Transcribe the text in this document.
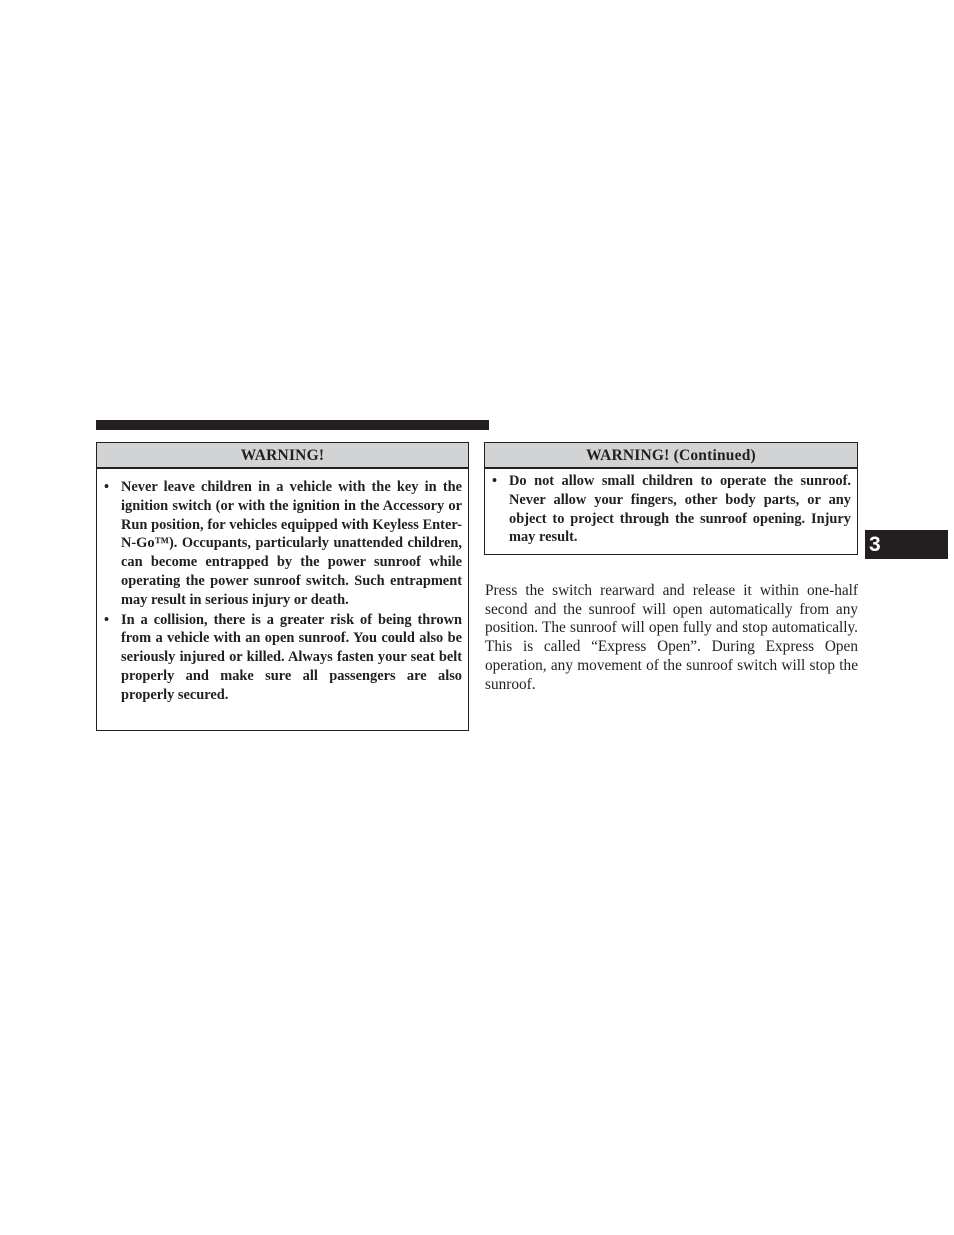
WARNING!
• Never leave children in a vehicle with the key in the ignition switch (or with the ignition in the Accessory or Run position, for vehicles equipped with Keyless Enter-N-Go™). Occupants, particularly unattended children, can become entrapped by the power sunroof while operating the power sunroof switch. Such entrapment may result in serious injury or death.
• In a collision, there is a greater risk of being thrown from a vehicle with an open sunroof. You could also be seriously injured or killed. Always fasten your seat belt properly and make sure all passengers are also properly secured.
WARNING! (Continued)
• Do not allow small children to operate the sunroof. Never allow your fingers, other body parts, or any object to project through the sunroof opening. Injury may result.

Press the switch rearward and release it within one-half second and the sunroof will open automatically from any position. The sunroof will open fully and stop automatically. This is called “Express Open”. During Express Open operation, any movement of the sunroof switch will stop the sunroof.

3
